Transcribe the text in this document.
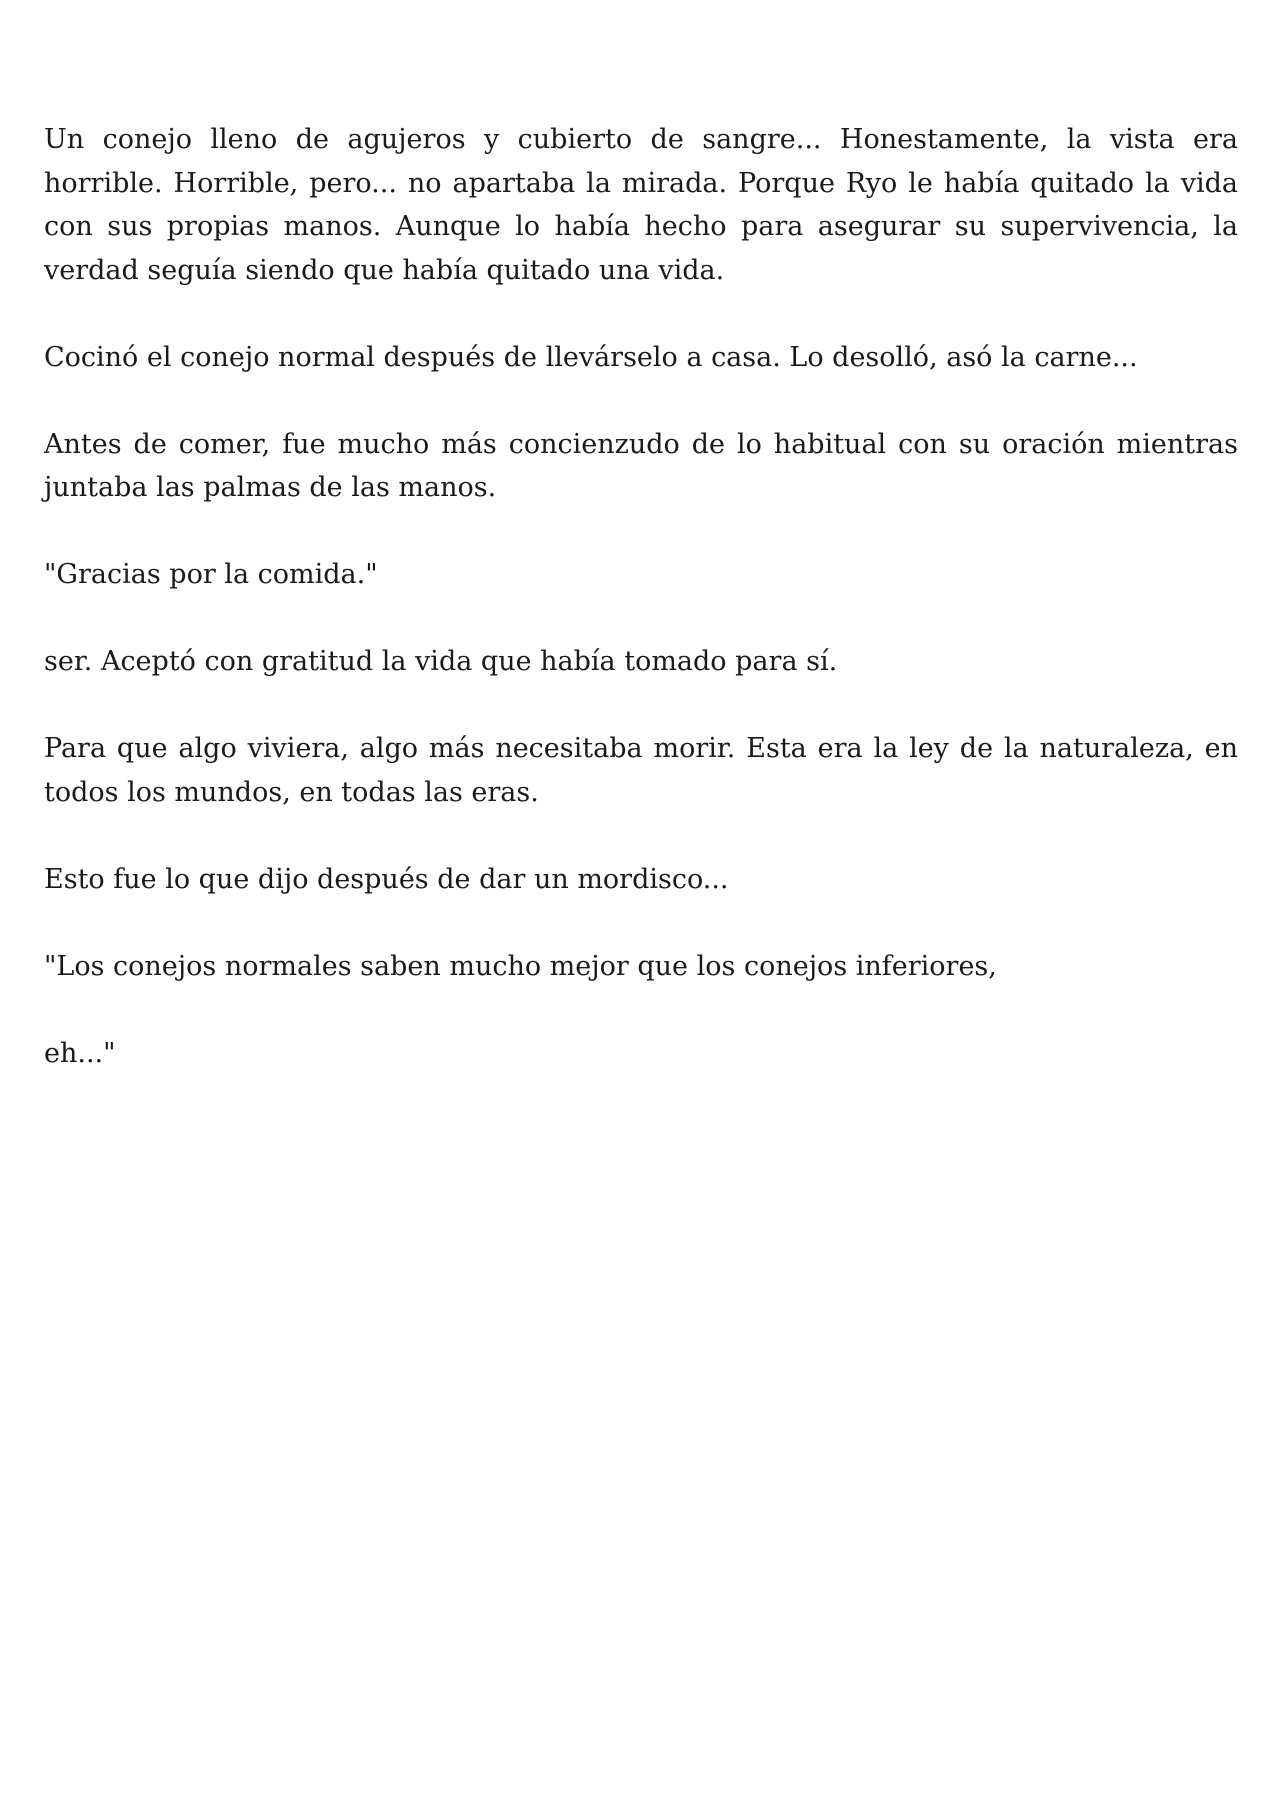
Un conejo lleno de agujeros y cubierto de sangre... Honestamente, la vista era horrible. Horrible, pero... no apartaba la mirada. Porque Ryo le había quitado la vida con sus propias manos. Aunque lo había hecho para asegurar su supervivencia, la verdad seguía siendo que había quitado una vida.

Cocinó el conejo normal después de llevárselo a casa. Lo desolló, asó la carne...

Antes de comer, fue mucho más concienzudo de lo habitual con su oración mientras juntaba las palmas de las manos.

"Gracias por la comida."

ser. Aceptó con gratitud la vida que había tomado para sí.

Para que algo viviera, algo más necesitaba morir. Esta era la ley de la naturaleza, en todos los mundos, en todas las eras.

Esto fue lo que dijo después de dar un mordisco...

"Los conejos normales saben mucho mejor que los conejos inferiores,

eh..."
